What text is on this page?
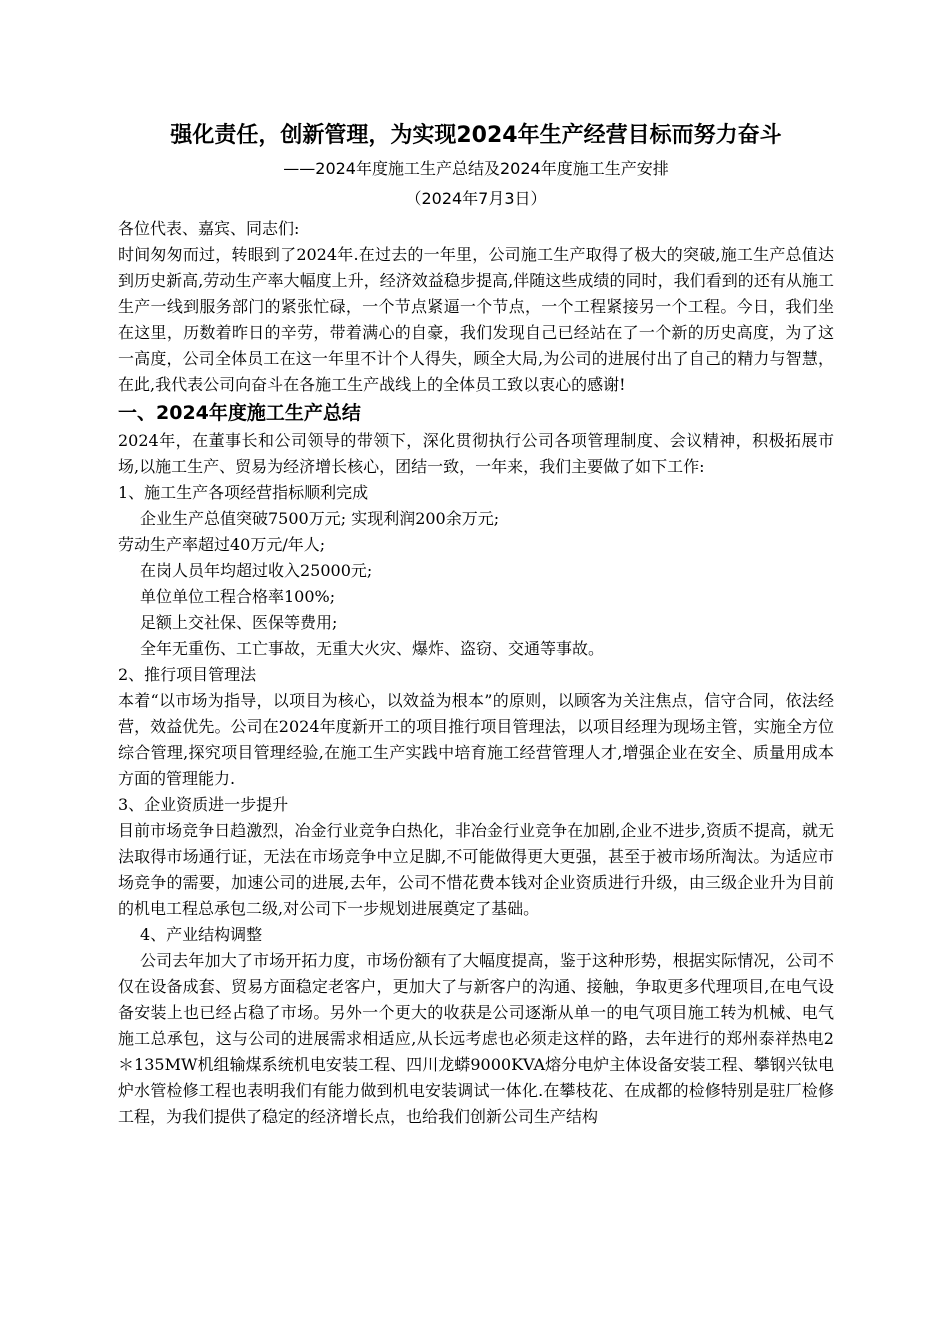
强化责任，创新管理，为实现2024年生产经营目标而努力奋斗

——2024年度施工生产总结及2024年度施工生产安排

（2024年7月3日）

各位代表、嘉宾、同志们:

时间匆匆而过，转眼到了2024年.在过去的一年里，公司施工生产取得了极大的突破,施工生产总值达到历史新高,劳动生产率大幅度上升，经济效益稳步提高,伴随这些成绩的同时，我们看到的还有从施工生产一线到服务部门的紧张忙碌，一个节点紧逼一个节点，一个工程紧接另一个工程。今日，我们坐在这里，历数着昨日的辛劳，带着满心的自豪，我们发现自己已经站在了一个新的历史高度，为了这一高度，公司全体员工在这一年里不计个人得失，顾全大局,为公司的进展付出了自己的精力与智慧，在此,我代表公司向奋斗在各施工生产战线上的全体员工致以衷心的感谢!

一、2024年度施工生产总结

2024年，在董事长和公司领导的带领下，深化贯彻执行公司各项管理制度、会议精神，积极拓展市场,以施工生产、贸易为经济增长核心，团结一致，一年来，我们主要做了如下工作:

1、施工生产各项经营指标顺利完成

企业生产总值突破7500万元; 实现利润200余万元;

劳动生产率超过40万元/年人;

在岗人员年均超过收入25000元;

单位单位工程合格率100%;

足额上交社保、医保等费用;

全年无重伤、工亡事故，无重大火灾、爆炸、盗窃、交通等事故。

2、推行项目管理法

本着“以市场为指导，以项目为核心，以效益为根本”的原则，以顾客为关注焦点，信守合同，依法经营，效益优先。公司在2024年度新开工的项目推行项目管理法，以项目经理为现场主管，实施全方位综合管理,探究项目管理经验,在施工生产实践中培育施工经营管理人才,增强企业在安全、质量用成本方面的管理能力.

3、企业资质进一步提升

目前市场竞争日趋激烈，冶金行业竞争白热化，非冶金行业竞争在加剧,企业不进步,资质不提高，就无法取得市场通行证，无法在市场竞争中立足脚,不可能做得更大更强，甚至于被市场所淘汰。为适应市场竞争的需要，加速公司的进展,去年，公司不惜花费本钱对企业资质进行升级，由三级企业升为目前的机电工程总承包二级,对公司下一步规划进展奠定了基础。

4、产业结构调整

公司去年加大了市场开拓力度，市场份额有了大幅度提高，鉴于这种形势，根据实际情况，公司不仅在设备成套、贸易方面稳定老客户，更加大了与新客户的沟通、接触，争取更多代理项目,在电气设备安装上也已经占稳了市场。另外一个更大的收获是公司逐渐从单一的电气项目施工转为机械、电气施工总承包，这与公司的进展需求相适应,从长远考虑也必须走这样的路，去年进行的郑州泰祥热电2＊135MW机组输煤系统机电安装工程、四川龙蟒9000KVA熔分电炉主体设备安装工程、攀钢兴钛电炉水管检修工程也表明我们有能力做到机电安装调试一体化.在攀枝花、在成都的检修特别是驻厂检修工程，为我们提供了稳定的经济增长点，也给我们创新公司生产结构
